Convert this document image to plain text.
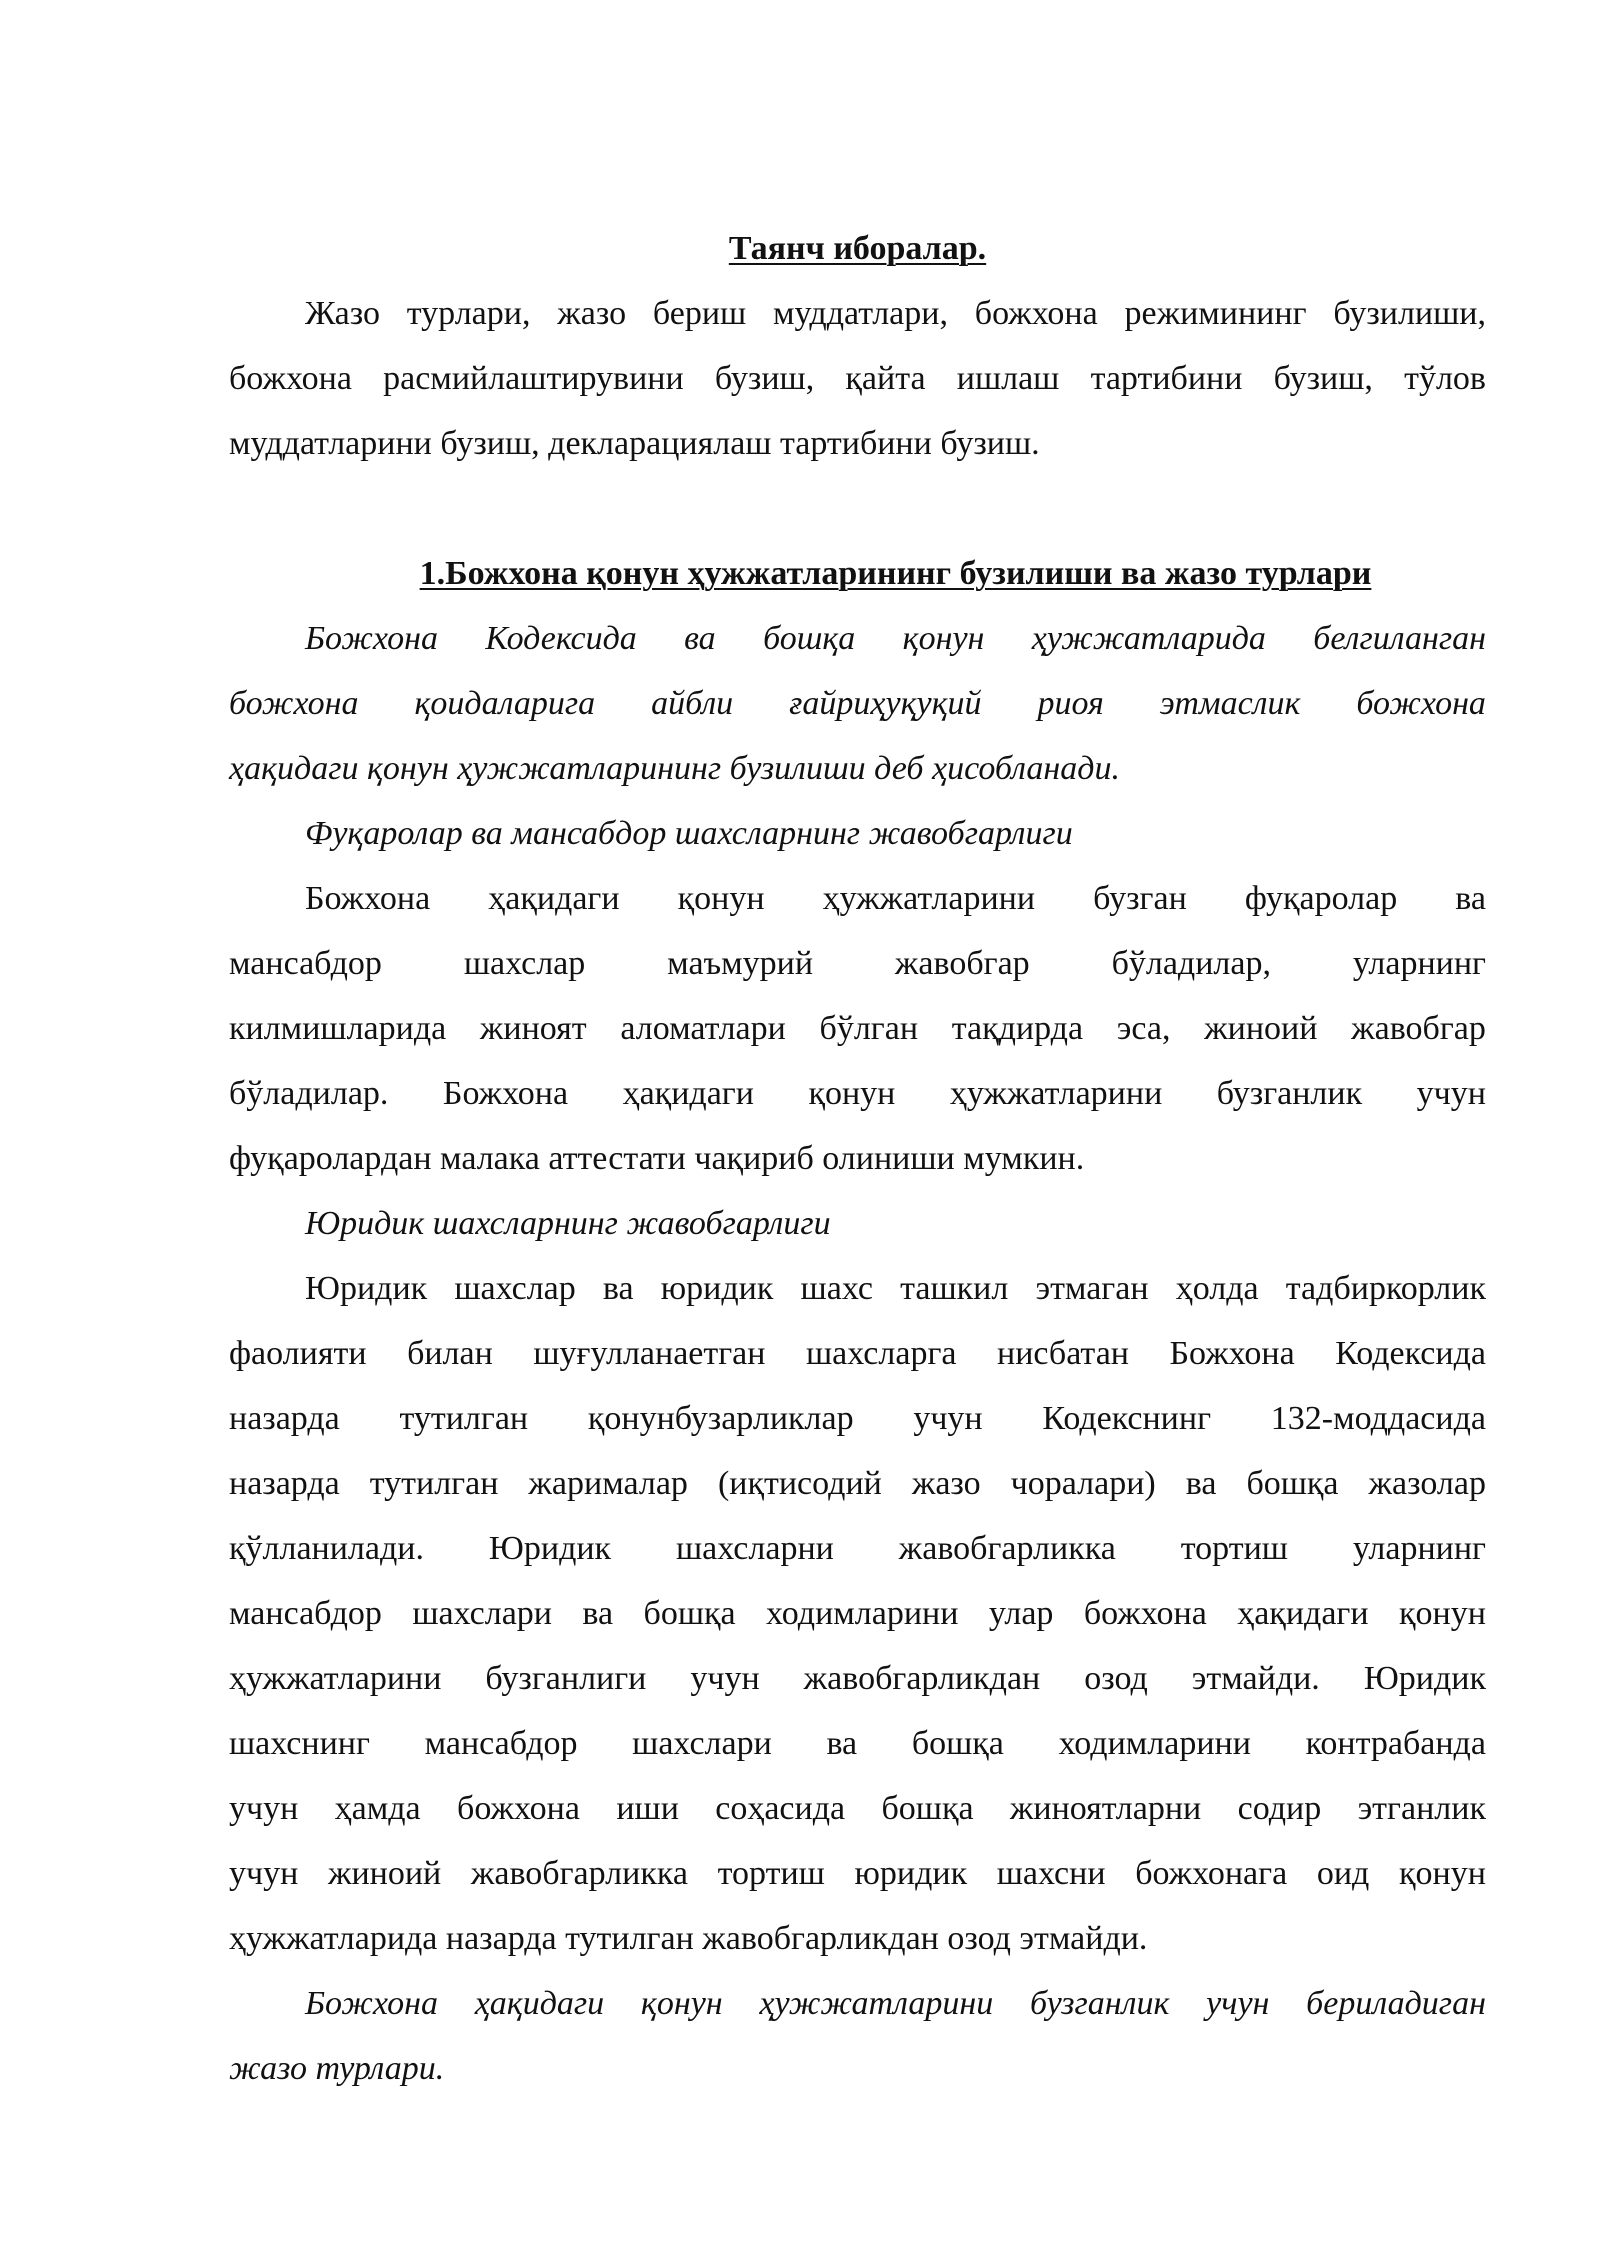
Таянч иборалар.
Жазо турлари, жазо бериш муддатлари, божхона режимининг бузилиши,
божхона расмийлаштирувини бузиш, қайта ишлаш тартибини бузиш, тўлов
муддатларини бузиш, декларациялаш тартибини бузиш.
1.Божхона қонун ҳужжатларининг бузилиши ва жазо турлари
Божхона Кодексида ва бошқа қонун ҳужжатларида белгиланган
божхона қоидаларига айбли ғайриҳуқуқий риоя этмаслик божхона
ҳақидаги қонун ҳужжатларининг бузилиши деб ҳисобланади.
Фуқаролар ва мансабдор шахсларнинг жавобгарлиги
Божхона ҳақидаги қонун ҳужжатларини бузган фуқаролар ва
мансабдор шахслар маъмурий жавобгар бўладилар, уларнинг
килмишларида жиноят аломатлари бўлган тақдирда эса, жиноий жавобгар
бўладилар. Божхона ҳақидаги қонун ҳужжатларини бузганлик учун
фуқаролардан малака аттестати чақириб олиниши мумкин.
Юридик шахсларнинг жавобгарлиги
Юридик шахслар ва юридик шахс ташкил этмаган ҳолда тадбиркорлик
фаолияти билан шуғулланаетган шахсларга нисбатан Божхона Кодексида
назарда тутилган қонунбузарликлар учун Кодекснинг 132-моддасида
назарда тутилган жарималар (иқтисодий жазо чоралари) ва бошқа жазолар
қўлланилади. Юридик шахсларни жавобгарликка тортиш уларнинг
мансабдор шахслари ва бошқа ходимларини улар божхона ҳақидаги қонун
ҳужжатларини бузганлиги учун жавобгарликдан озод этмайди. Юридик
шахснинг мансабдор шахслари ва бошқа ходимларини контрабанда
учун ҳамда божхона иши соҳасида бошқа жиноятларни содир этганлик
учун жиноий жавобгарликка тортиш юридик шахсни божхонага оид қонун
ҳужжатларида назарда тутилган жавобгарликдан озод этмайди.
Божхона ҳақидаги қонун ҳужжатларини бузганлик учун бериладиган
жазо турлари.
